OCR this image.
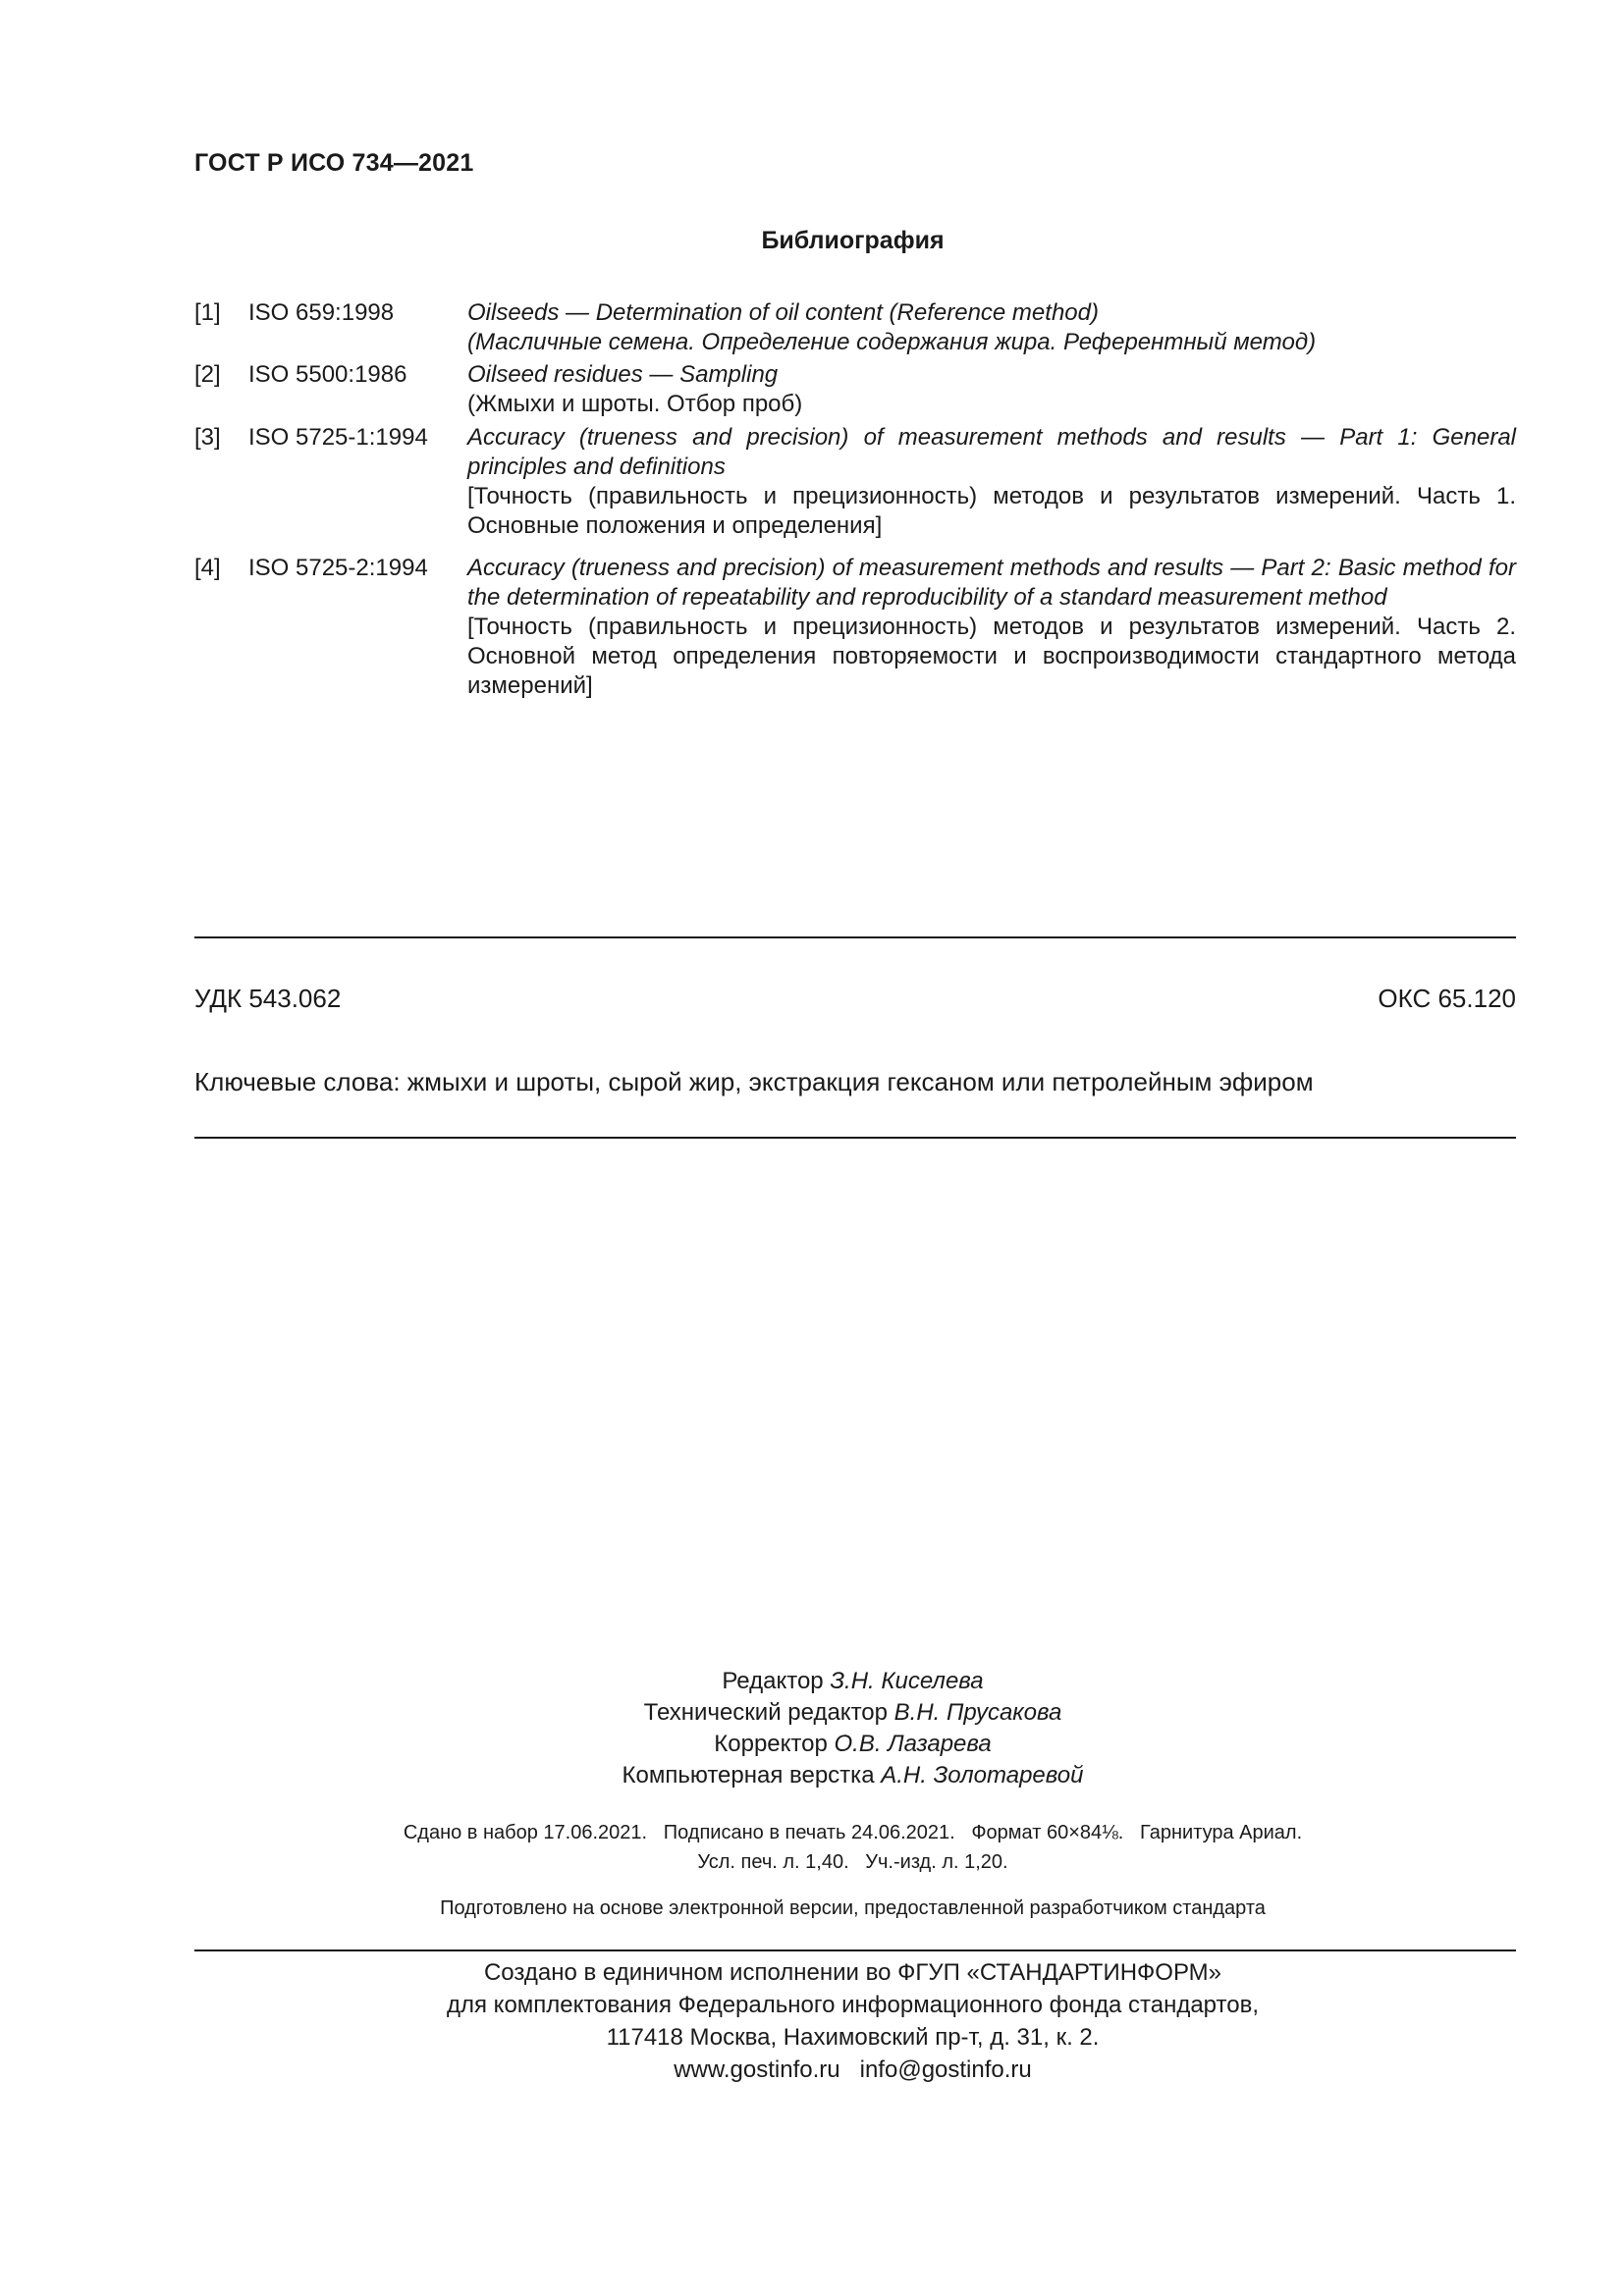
ГОСТ Р ИСО 734—2021
Библиография
[1] ISO 659:1998	Oilseeds — Determination of oil content (Reference method)
(Масличные семена. Определение содержания жира. Референтный метод)
[2] ISO 5500:1986	Oilseed residues — Sampling
(Жмыхи и шроты. Отбор проб)
[3] ISO 5725-1:1994 Accuracy (trueness and precision) of measurement methods and results — Part 1: General principles and definitions
[Точность (правильность и прецизионность) методов и результатов измерений. Часть 1. Основные положения и определения]
[4] ISO 5725-2:1994 Accuracy (trueness and precision) of measurement methods and results — Part 2: Basic method for the determination of repeatability and reproducibility of a standard measurement method
[Точность (правильность и прецизионность) методов и результатов измерений. Часть 2. Основной метод определения повторяемости и воспроизводимости стандартного метода измерений]
УДК 543.062	ОКС 65.120
Ключевые слова: жмыхи и шроты, сырой жир, экстракция гексаном или петролейным эфиром
Редактор З.Н. Киселева
Технический редактор В.Н. Прусакова
Корректор О.В. Лазарева
Компьютерная верстка А.Н. Золотаревой
Сдано в набор 17.06.2021.   Подписано в печать 24.06.2021.   Формат 60×84⅛.   Гарнитура Ариал.
Усл. печ. л. 1,40.   Уч.-изд. л. 1,20.
Подготовлено на основе электронной версии, предоставленной разработчиком стандарта
Создано в единичном исполнении во ФГУП «СТАНДАРТИНФОРМ»
для комплектования Федерального информационного фонда стандартов,
117418 Москва, Нахимовский пр-т, д. 31, к. 2.
www.gostinfo.ru   info@gostinfo.ru
